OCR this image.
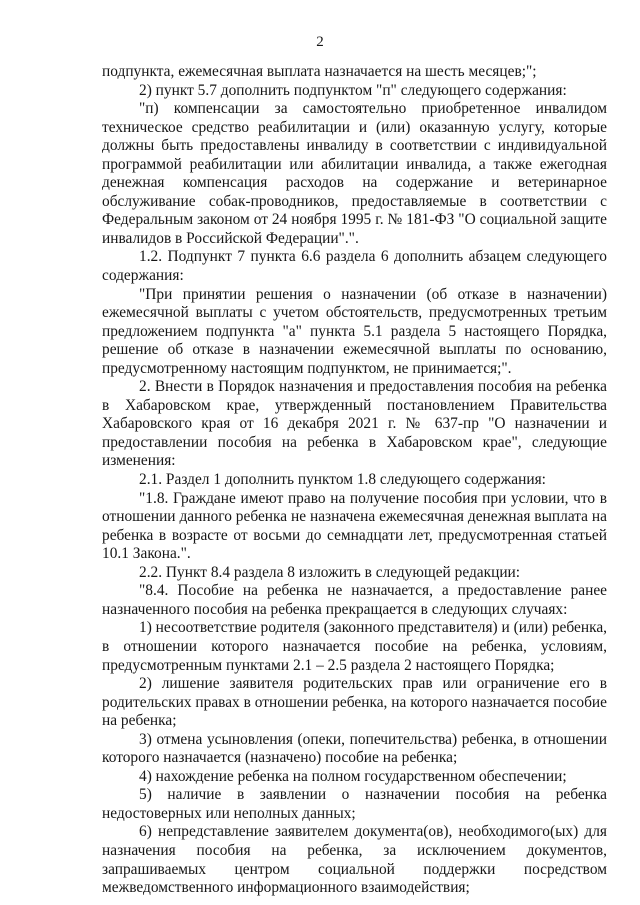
2

подпункта, ежемесячная выплата назначается на шесть месяцев;";

2) пункт 5.7 дополнить подпунктом "п" следующего содержания:

"п) компенсации за самостоятельно приобретенное инвалидом техническое средство реабилитации и (или) оказанную услугу, которые должны быть предоставлены инвалиду в соответствии с индивидуальной программой реабилитации или абилитации инвалида, а также ежегодная денежная компенсация расходов на содержание и ветеринарное обслуживание собак-проводников, предоставляемые в соответствии с Федеральным законом от 24 ноября 1995 г. № 181-ФЗ "О социальной защите инвалидов в Российской Федерации".".

1.2. Подпункт 7 пункта 6.6 раздела 6 дополнить абзацем следующего содержания:

"При принятии решения о назначении (об отказе в назначении) ежемесячной выплаты с учетом обстоятельств, предусмотренных третьим предложением подпункта "а" пункта 5.1 раздела 5 настоящего Порядка, решение об отказе в назначении ежемесячной выплаты по основанию, предусмотренному настоящим подпунктом, не принимается;".

2. Внести в Порядок назначения и предоставления пособия на ребенка в Хабаровском крае, утвержденный постановлением Правительства Хабаровского края от 16 декабря 2021 г. № 637-пр "О назначении и предоставлении пособия на ребенка в Хабаровском крае", следующие изменения:

2.1. Раздел 1 дополнить пунктом 1.8 следующего содержания:

"1.8. Граждане имеют право на получение пособия при условии, что в отношении данного ребенка не назначена ежемесячная денежная выплата на ребенка в возрасте от восьми до семнадцати лет, предусмотренная статьей 10.1 Закона.".

2.2. Пункт 8.4 раздела 8 изложить в следующей редакции:

"8.4. Пособие на ребенка не назначается, а предоставление ранее назначенного пособия на ребенка прекращается в следующих случаях:

1) несоответствие родителя (законного представителя) и (или) ребенка, в отношении которого назначается пособие на ребенка, условиям, предусмотренным пунктами 2.1 – 2.5 раздела 2 настоящего Порядка;

2) лишение заявителя родительских прав или ограничение его в родительских правах в отношении ребенка, на которого назначается пособие на ребенка;

3) отмена усыновления (опеки, попечительства) ребенка, в отношении которого назначается (назначено) пособие на ребенка;

4) нахождение ребенка на полном государственном обеспечении;

5) наличие в заявлении о назначении пособия на ребенка недостоверных или неполных данных;

6) непредставление заявителем документа(ов), необходимого(ых) для назначения пособия на ребенка, за исключением документов, запрашиваемых центром социальной поддержки посредством межведомственного информационного взаимодействия;
